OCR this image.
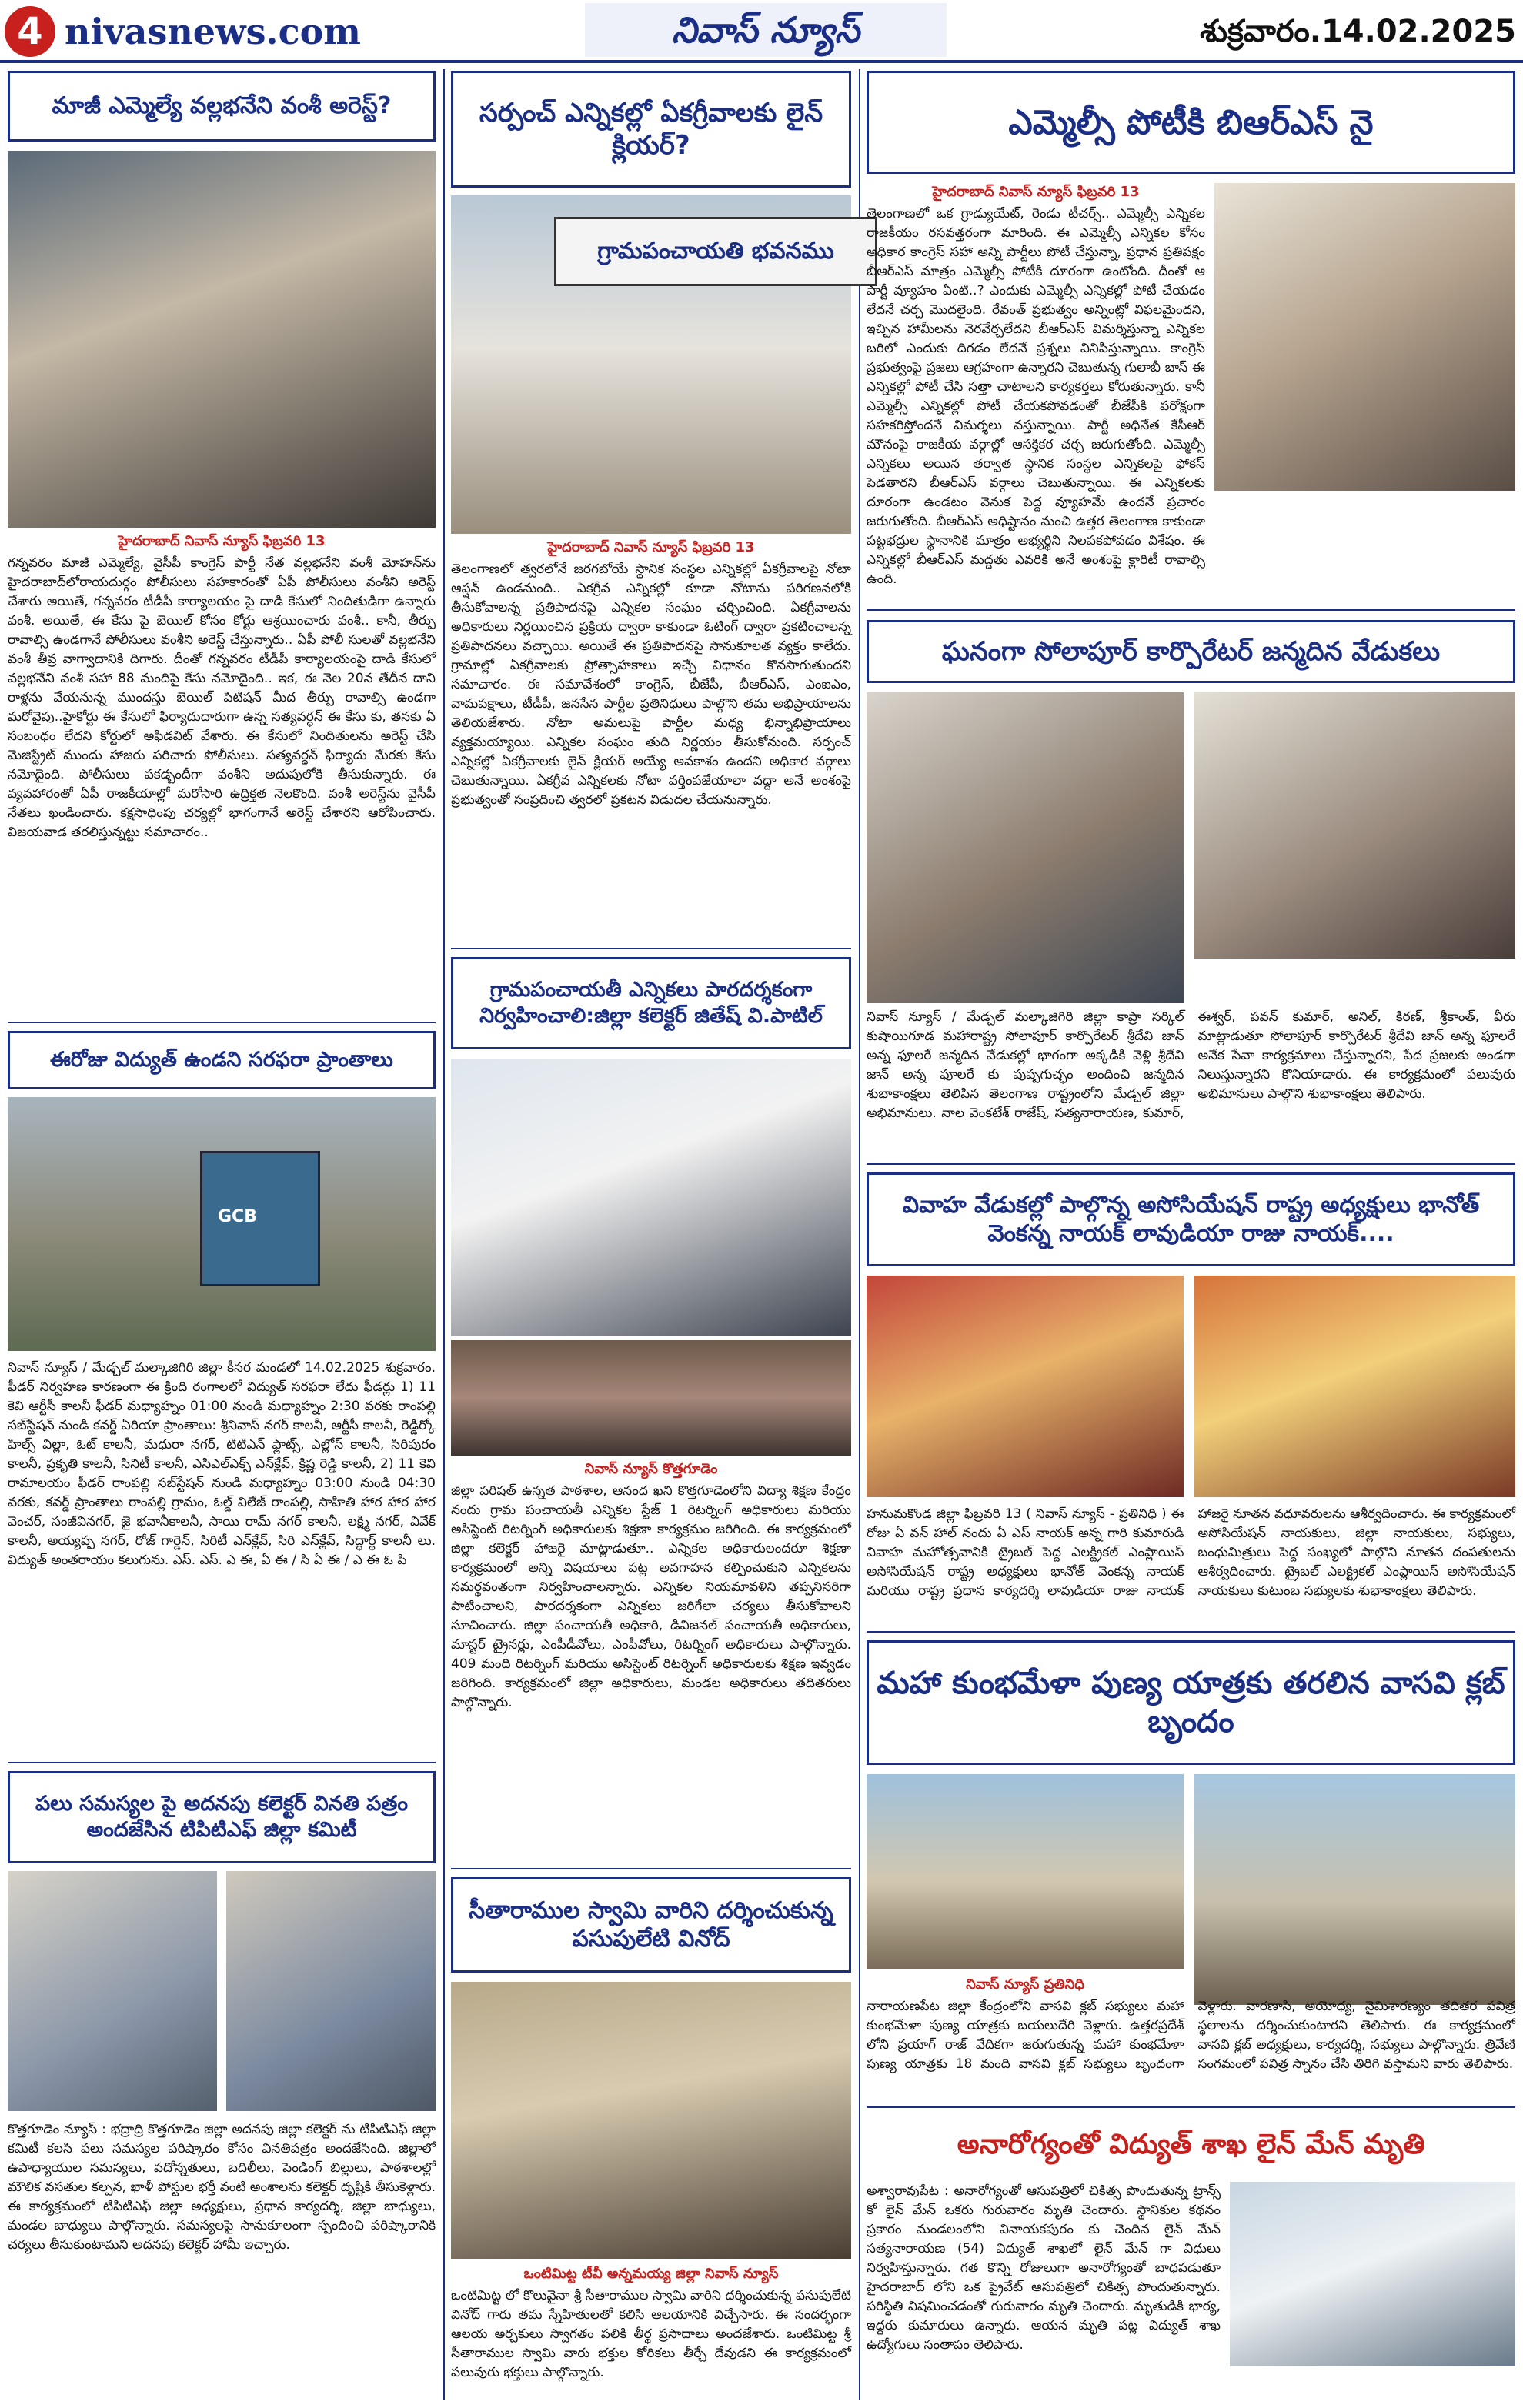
4 nivasnews.com	నివాస్ న్యూస్	శుక్రవారం.14.02.2025
మాజీ ఎమ్మెల్యే వల్లభనేని వంశీ అరెస్ట్?
హైదరాబాద్ నివాస్ న్యూస్ ఫిబ్రవరి 13
గన్నవరం మాజీ ఎమ్మెల్యే, వైసీపీ కాంగ్రెస్ పార్టీ నేత వల్లభనేని వంశీ మోహన్‌ను హైదరాబాద్‌లోరాయదుర్గం పోలీసులు సహకారంతో ఏపీ పోలీసులు వంశీని అరెస్ట్ చేశారు అయితే, గన్నవరం టీడీపీ కార్యాలయం పై దాడి కేసులో నిందితుడిగా ఉన్నారు వంశీ. అయితే, ఈ కేసు పై బెయిల్ కోసం కోర్టు ఆశ్రయించారు వంశీ.. కానీ, తీర్పు రావాల్సి ఉండగానే పోలీసులు వంశీని అరెస్ట్ చేస్తున్నారు.. ఏపీ పోలీ సులతో వల్లభనేని వంశీ తీవ్ర వాగ్వాదానికి దిగారు. దీంతో గన్నవరం టీడీపీ కార్యాలయంపై దాడి కేసులో వల్లభనేని వంశీ సహా 88 మందిపై కేసు నమోదైంది.. ఇక, ఈ నెల 20న తేదీన దాని రాళ్లను వేయనున్న ముందస్తు బెయిల్ పిటిషన్ మీద తీర్పు రావాల్సి ఉండగా మరోవైపు..హైకోర్టు ఈ కేసులో ఫిర్యాదుదారుగా ఉన్న సత్యవర్ధన్ ఈ కేసు కు, తనకు ఏ సంబంధం లేదని కోర్టులో అఫిడవిట్ వేశారు. ఈ కేసులో నిందితులను అరెస్ట్ చేసి మెజిస్ట్రేట్ ముందు హాజరు పరిచారు పోలీసులు. సత్యవర్ధన్ ఫిర్యాదు మేరకు కేసు నమోదైంది. పోలీసులు పకడ్బందీగా వంశీని అదుపులోకి తీసుకున్నారు. ఈ వ్యవహారంతో ఏపీ రాజకీయాల్లో మరోసారి ఉద్రిక్తత నెలకొంది. వంశీ అరెస్ట్‌ను వైసీపీ నేతలు ఖండించారు. కక్షసాధింపు చర్యల్లో భాగంగానే అరెస్ట్ చేశారని ఆరోపించారు. విజయవాడ తరలిస్తున్నట్టు సమాచారం..
ఈరోజు విద్యుత్ ఉండని సరఫరా ప్రాంతాలు
GCB
నివాస్ న్యూస్ / మేడ్చల్ మల్కాజిగిరి జిల్లా కీసర మండలో 14.02.2025 శుక్రవారం. ఫీడర్ నిర్వహణ కారణంగా ఈ క్రింది రంగాలలో విద్యుత్ సరఫరా లేదు ఫీడర్లు 1) 11 కెవి ఆర్టీసీ కాలనీ ఫీడర్ మధ్యాహ్నం 01:00 నుండి మధ్యాహ్నం 2:30 వరకు రాంపల్లి సబ్‌స్టేషన్ నుండి కవర్డ్ ఏరియా ప్రాంతాలు: శ్రీనివాస్ నగర్ కాలనీ, ఆర్టీసీ కాలనీ, రెడ్డిర్కో హిల్స్ విల్లా, ఓట్ కాలనీ, మధురా నగర్, టిటిఎన్ ఫ్లాట్స్, ఎల్లోస్ కాలనీ, సిరిపురం కాలనీ, ప్రకృతి కాలనీ, సినిటీ కాలనీ, ఎసిఎల్‌ఎక్స్ ఎన్‌క్లేవ్, క్రిష్ణ రెడ్డి కాలనీ, 2) 11 కెవి రామాలయం ఫీడర్ రాంపల్లి సబ్‌స్టేషన్ నుండి మధ్యాహ్నం 03:00 నుండి 04:30 వరకు, కవర్డ్ ప్రాంతాలు రాంపల్లి గ్రామం, ఓల్డ్ విలేజ్ రాంపల్లి, సాహితి హార హార హార వెంచర్, సంజీవినగర్, జై భవానీకాలనీ, సాయి రామ్ నగర్ కాలనీ, లక్ష్మి నగర్, వివేక్ కాలనీ, అయ్యప్ప నగర్, రోజ్ గార్డెన్, సిరిటీ ఎన్‌క్లేవ్, సిరి ఎన్‌క్లేవ్, సిద్ధార్థ్ కాలనీ లు. విద్యుత్ అంతరాయం కలుగును. ఎస్. ఎస్. ఎ ఈ, ఏ ఈ / సి ఏ ఈ / ఎ ఈ ఓ పి
పలు సమస్యల పై అదనపు కలెక్టర్ వినతి పత్రం అందజేసిన టిపిటిఎఫ్ జిల్లా కమిటీ
కొత్తగూడెం న్యూస్ : భద్రాద్రి కొత్తగూడెం జిల్లా అదనపు జిల్లా కలెక్టర్ ను టిపిటిఎఫ్ జిల్లా కమిటీ కలసి పలు సమస్యల పరిష్కారం కోసం వినతిపత్రం అందజేసింది. జిల్లాలో ఉపాధ్యాయుల సమస్యలు, పదోన్నతులు, బదిలీలు, పెండింగ్ బిల్లులు, పాఠశాలల్లో మౌలిక వసతుల కల్పన, ఖాళీ పోస్టుల భర్తీ వంటి అంశాలను కలెక్టర్ దృష్టికి తీసుకెళ్లారు. ఈ కార్యక్రమంలో టిపిటిఎఫ్ జిల్లా అధ్యక్షులు, ప్రధాన కార్యదర్శి, జిల్లా బాధ్యులు, మండల బాధ్యులు పాల్గొన్నారు. సమస్యలపై సానుకూలంగా స్పందించి పరిష్కారానికి చర్యలు తీసుకుంటామని అదనపు కలెక్టర్ హామీ ఇచ్చారు.
సర్పంచ్ ఎన్నికల్లో ఏకగ్రీవాలకు లైన్ క్లియర్?
గ్రామపంచాయతి భవనము
హైదరాబాద్ నివాస్ న్యూస్ ఫిబ్రవరి 13
తెలంగాణలో త్వరలోనే జరగబోయే స్థానిక సంస్థల ఎన్నికల్లో ఏకగ్రీవాలపై నోటా ఆప్షన్ ఉండనుంది.. ఏకగ్రీవ ఎన్నికల్లో కూడా నోటాను పరిగణనలోకి తీసుకోవాలన్న ప్రతిపాదనపై ఎన్నికల సంఘం చర్చించింది. ఏకగ్రీవాలను అధికారులు నిర్ణయించిన ప్రక్రియ ద్వారా కాకుండా ఓటింగ్ ద్వారా ప్రకటించాలన్న ప్రతిపాదనలు వచ్చాయి. అయితే ఈ ప్రతిపాదనపై సానుకూలత వ్యక్తం కాలేదు. గ్రామాల్లో ఏకగ్రీవాలకు ప్రోత్సాహకాలు ఇచ్చే విధానం కొనసాగుతుందని సమాచారం. ఈ సమావేశంలో కాంగ్రెస్, బీజేపీ, బీఆర్ఎస్, ఎంఐఎం, వామపక్షాలు, టీడీపీ, జనసేన పార్టీల ప్రతినిధులు పాల్గొని తమ అభిప్రాయాలను తెలియజేశారు. నోటా అమలుపై పార్టీల మధ్య భిన్నాభిప్రాయాలు వ్యక్తమయ్యాయి. ఎన్నికల సంఘం తుది నిర్ణయం తీసుకోనుంది. సర్పంచ్ ఎన్నికల్లో ఏకగ్రీవాలకు లైన్ క్లియర్ అయ్యే అవకాశం ఉందని అధికార వర్గాలు చెబుతున్నాయి. ఏకగ్రీవ ఎన్నికలకు నోటా వర్తింపజేయాలా వద్దా అనే అంశంపై ప్రభుత్వంతో సంప్రదించి త్వరలో ప్రకటన విడుదల చేయనున్నారు.
గ్రామపంచాయతీ ఎన్నికలు పారదర్శకంగా నిర్వహించాలి:జిల్లా కలెక్టర్ జితేష్ వి.పాటిల్
నివాస్ న్యూస్ కొత్తగూడెం
జిల్లా పరిషత్ ఉన్నత పాఠశాల, ఆనంద ఖని కొత్తగూడెంలోని విద్యా శిక్షణ కేంద్రం నందు గ్రామ పంచాయతీ ఎన్నికల స్టేజ్ 1 రిటర్నింగ్ అధికారులు మరియు అసిస్టెంట్ రిటర్నింగ్ అధికారులకు శిక్షణా కార్యక్రమం జరిగింది. ఈ కార్యక్రమంలో జిల్లా కలెక్టర్ హాజరై మాట్లాడుతూ.. ఎన్నికల అధికారులందరూ శిక్షణా కార్యక్రమంలో అన్ని విషయాలు పట్ల అవగాహన కల్పించుకుని ఎన్నికలను సమర్థవంతంగా నిర్వహించాలన్నారు. ఎన్నికల నియమావళిని తప్పనిసరిగా పాటించాలని, పారదర్శకంగా ఎన్నికలు జరిగేలా చర్యలు తీసుకోవాలని సూచించారు. జిల్లా పంచాయతీ అధికారి, డివిజనల్ పంచాయతీ అధికారులు, మాస్టర్ ట్రైనర్లు, ఎంపీడీవోలు, ఎంపీవోలు, రిటర్నింగ్ అధికారులు పాల్గొన్నారు. 409 మంది రిటర్నింగ్ మరియు అసిస్టెంట్ రిటర్నింగ్ అధికారులకు శిక్షణ ఇవ్వడం జరిగింది. కార్యక్రమంలో జిల్లా అధికారులు, మండల అధికారులు తదితరులు పాల్గొన్నారు.
సీతారాముల స్వామి వారిని దర్శించుకున్న పసుపులేటి వినోద్
ఒంటిమిట్ట టీవీ అన్నమయ్య జిల్లా నివాస్ న్యూస్
ఒంటిమిట్ట లో కొలువైనా శ్రీ సీతారాముల స్వామి వారిని దర్శించుకున్న పసుపులేటి వినోద్ గారు తమ స్నేహితులతో కలిసి ఆలయానికి విచ్చేసారు. ఈ సందర్భంగా ఆలయ అర్చకులు స్వాగతం పలికి తీర్థ ప్రసాదాలు అందజేశారు. ఒంటిమిట్ట శ్రీ సీతారాముల స్వామి వారు భక్తుల కోరికలు తీర్చే దేవుడని ఈ కార్యక్రమంలో పలువురు భక్తులు పాల్గొన్నారు.
ఎమ్మెల్సీ పోటీకి బిఆర్ఎస్ నై
హైదరాబాద్ నివాస్ న్యూస్ ఫిబ్రవరి 13
తెలంగాణలో ఒక గ్రాడ్యుయేట్, రెండు టీచర్స్.. ఎమ్మెల్సీ ఎన్నికల రాజకీయం రసవత్తరంగా మారింది. ఈ ఎమ్మెల్సీ ఎన్నికల కోసం అధికార కాంగ్రెస్ సహా అన్ని పార్టీలు పోటీ చేస్తున్నా, ప్రధాన ప్రతిపక్షం బీఆర్ఎస్ మాత్రం ఎమ్మెల్సీ పోటీకి దూరంగా ఉంటోంది. దీంతో ఆ పార్టీ వ్యూహం ఏంటి..? ఎందుకు ఎమ్మెల్సీ ఎన్నికల్లో పోటీ చేయడం లేదనే చర్చ మొదలైంది. రేవంత్ ప్రభుత్వం అన్నింట్లో విఫలమైందని, ఇచ్చిన హామీలను నెరవేర్చలేదని బీఆర్ఎస్ విమర్శిస్తున్నా ఎన్నికల బరిలో ఎందుకు దిగడం లేదనే ప్రశ్నలు వినిపిస్తున్నాయి. కాంగ్రెస్ ప్రభుత్వంపై ప్రజలు ఆగ్రహంగా ఉన్నారని చెబుతున్న గులాబీ బాస్ ఈ ఎన్నికల్లో పోటీ చేసి సత్తా చాటాలని కార్యకర్తలు కోరుతున్నారు. కానీ ఎమ్మెల్సీ ఎన్నికల్లో పోటీ చేయకపోవడంతో బీజేపీకి పరోక్షంగా సహకరిస్తోందనే విమర్శలు వస్తున్నాయి. పార్టీ అధినేత కేసీఆర్ మౌనంపై రాజకీయ వర్గాల్లో ఆసక్తికర చర్చ జరుగుతోంది. ఎమ్మెల్సీ ఎన్నికలు అయిన తర్వాత స్థానిక సంస్థల ఎన్నికలపై ఫోకస్ పెడతారని బీఆర్ఎస్ వర్గాలు చెబుతున్నాయి. ఈ ఎన్నికలకు దూరంగా ఉండటం వెనుక పెద్ద వ్యూహమే ఉందనే ప్రచారం జరుగుతోంది. బీఆర్ఎస్ అధిష్టానం నుంచి ఉత్తర తెలంగాణ కాకుండా పట్టభద్రుల స్థానానికి మాత్రం అభ్యర్థిని నిలపకపోవడం విశేషం. ఈ ఎన్నికల్లో బీఆర్ఎస్ మద్దతు ఎవరికి అనే అంశంపై క్లారిటీ రావాల్సి ఉంది.
ఘనంగా సోలాపూర్ కార్పొరేటర్ జన్మదిన వేడుకలు
నివాస్ న్యూస్ / మేడ్చల్ మల్కాజిగిరి జిల్లా కాప్రా సర్కిల్ కుషాయిగూడ మహారాష్ట్ర సోలాపూర్ కార్పొరేటర్ శ్రీదేవి జాన్ అన్న ఫూలరే జన్మదిన వేడుకల్లో భాగంగా అక్కడికి వెళ్లి శ్రీదేవి జాన్ అన్న ఫూలరే కు పుష్పగుచ్ఛం అందించి జన్మదిన శుభాకాంక్షలు తెలిపిన తెలంగాణ రాష్ట్రంలోని మేడ్చల్ జిల్లా అభిమానులు. నాల వెంకటేశ్ రాజేష్, సత్యనారాయణ, కుమార్, ఈశ్వర్, పవన్ కుమార్, అనిల్, కిరణ్, శ్రీకాంత్, వీరు మాట్లాడుతూ సోలాపూర్ కార్పొరేటర్ శ్రీదేవి జాన్ అన్న ఫూలరే అనేక సేవా కార్యక్రమాలు చేస్తున్నారని, పేద ప్రజలకు అండగా నిలుస్తున్నారని కొనియాడారు. ఈ కార్యక్రమంలో పలువురు అభిమానులు పాల్గొని శుభాకాంక్షలు తెలిపారు.
వివాహ వేడుకల్లో పాల్గొన్న అసోసియేషన్ రాష్ట్ర అధ్యక్షులు భానోత్ వెంకన్న నాయక్ లావుడియా రాజు నాయక్....
హనుమకొండ జిల్లా ఫిబ్రవరి 13 ( నివాస్ న్యూస్ - ప్రతినిధి ) ఈ రోజు ఏ వన్ హాల్ నందు ఏ ఎస్ నాయక్ అన్న గారి కుమారుడి వివాహ మహోత్సవానికి ట్రైబల్ పెద్ద ఎలక్ట్రికల్ ఎంప్లాయిస్ అసోసియేషన్ రాష్ట్ర అధ్యక్షులు భానోత్ వెంకన్న నాయక్ మరియు రాష్ట్ర ప్రధాన కార్యదర్శి లావుడియా రాజు నాయక్ హాజరై నూతన వధూవరులను ఆశీర్వదించారు. ఈ కార్యక్రమంలో అసోసియేషన్ నాయకులు, జిల్లా నాయకులు, సభ్యులు, బంధుమిత్రులు పెద్ద సంఖ్యలో పాల్గొని నూతన దంపతులను ఆశీర్వదించారు. ట్రైబల్ ఎలక్ట్రికల్ ఎంప్లాయిస్ అసోసియేషన్ నాయకులు కుటుంబ సభ్యులకు శుభాకాంక్షలు తెలిపారు.
మహా కుంభమేళా పుణ్య యాత్రకు తరలిన వాసవి క్లబ్ బృందం
నివాస్ న్యూస్ ప్రతినిధి
నారాయణపేట జిల్లా కేంద్రంలోని వాసవి క్లబ్ సభ్యులు మహా కుంభమేళా పుణ్య యాత్రకు బయలుదేరి వెళ్లారు. ఉత్తరప్రదేశ్ లోని ప్రయాగ్ రాజ్ వేదికగా జరుగుతున్న మహా కుంభమేళా పుణ్య యాత్రకు 18 మంది వాసవి క్లబ్ సభ్యులు బృందంగా వెళ్లారు. వారణాసి, అయోధ్య, నైమిశారణ్యం తదితర పవిత్ర స్థలాలను దర్శించుకుంటారని తెలిపారు. ఈ కార్యక్రమంలో వాసవి క్లబ్ అధ్యక్షులు, కార్యదర్శి, సభ్యులు పాల్గొన్నారు. త్రివేణి సంగమంలో పవిత్ర స్నానం చేసి తిరిగి వస్తామని వారు తెలిపారు.
అనారోగ్యంతో విద్యుత్ శాఖ లైన్ మేన్ మృతి
అశ్వారావుపేట : అనారోగ్యంతో ఆసుపత్రిలో చికిత్స పొందుతున్న ట్రాన్స్ కో లైన్ మేన్ ఒకరు గురువారం మృతి చెందారు. స్థానికుల కథనం ప్రకారం మండలంలోని వినాయకపురం కు చెందిన లైన్ మేన్ సత్యనారాయణ (54) విద్యుత్ శాఖలో లైన్ మేన్ గా విధులు నిర్వహిస్తున్నారు. గత కొన్ని రోజులుగా అనారోగ్యంతో బాధపడుతూ హైదరాబాద్ లోని ఒక ప్రైవేట్ ఆసుపత్రిలో చికిత్స పొందుతున్నారు. పరిస్థితి విషమించడంతో గురువారం మృతి చెందారు. మృతుడికి భార్య, ఇద్దరు కుమారులు ఉన్నారు. ఆయన మృతి పట్ల విద్యుత్ శాఖ ఉద్యోగులు సంతాపం తెలిపారు.
